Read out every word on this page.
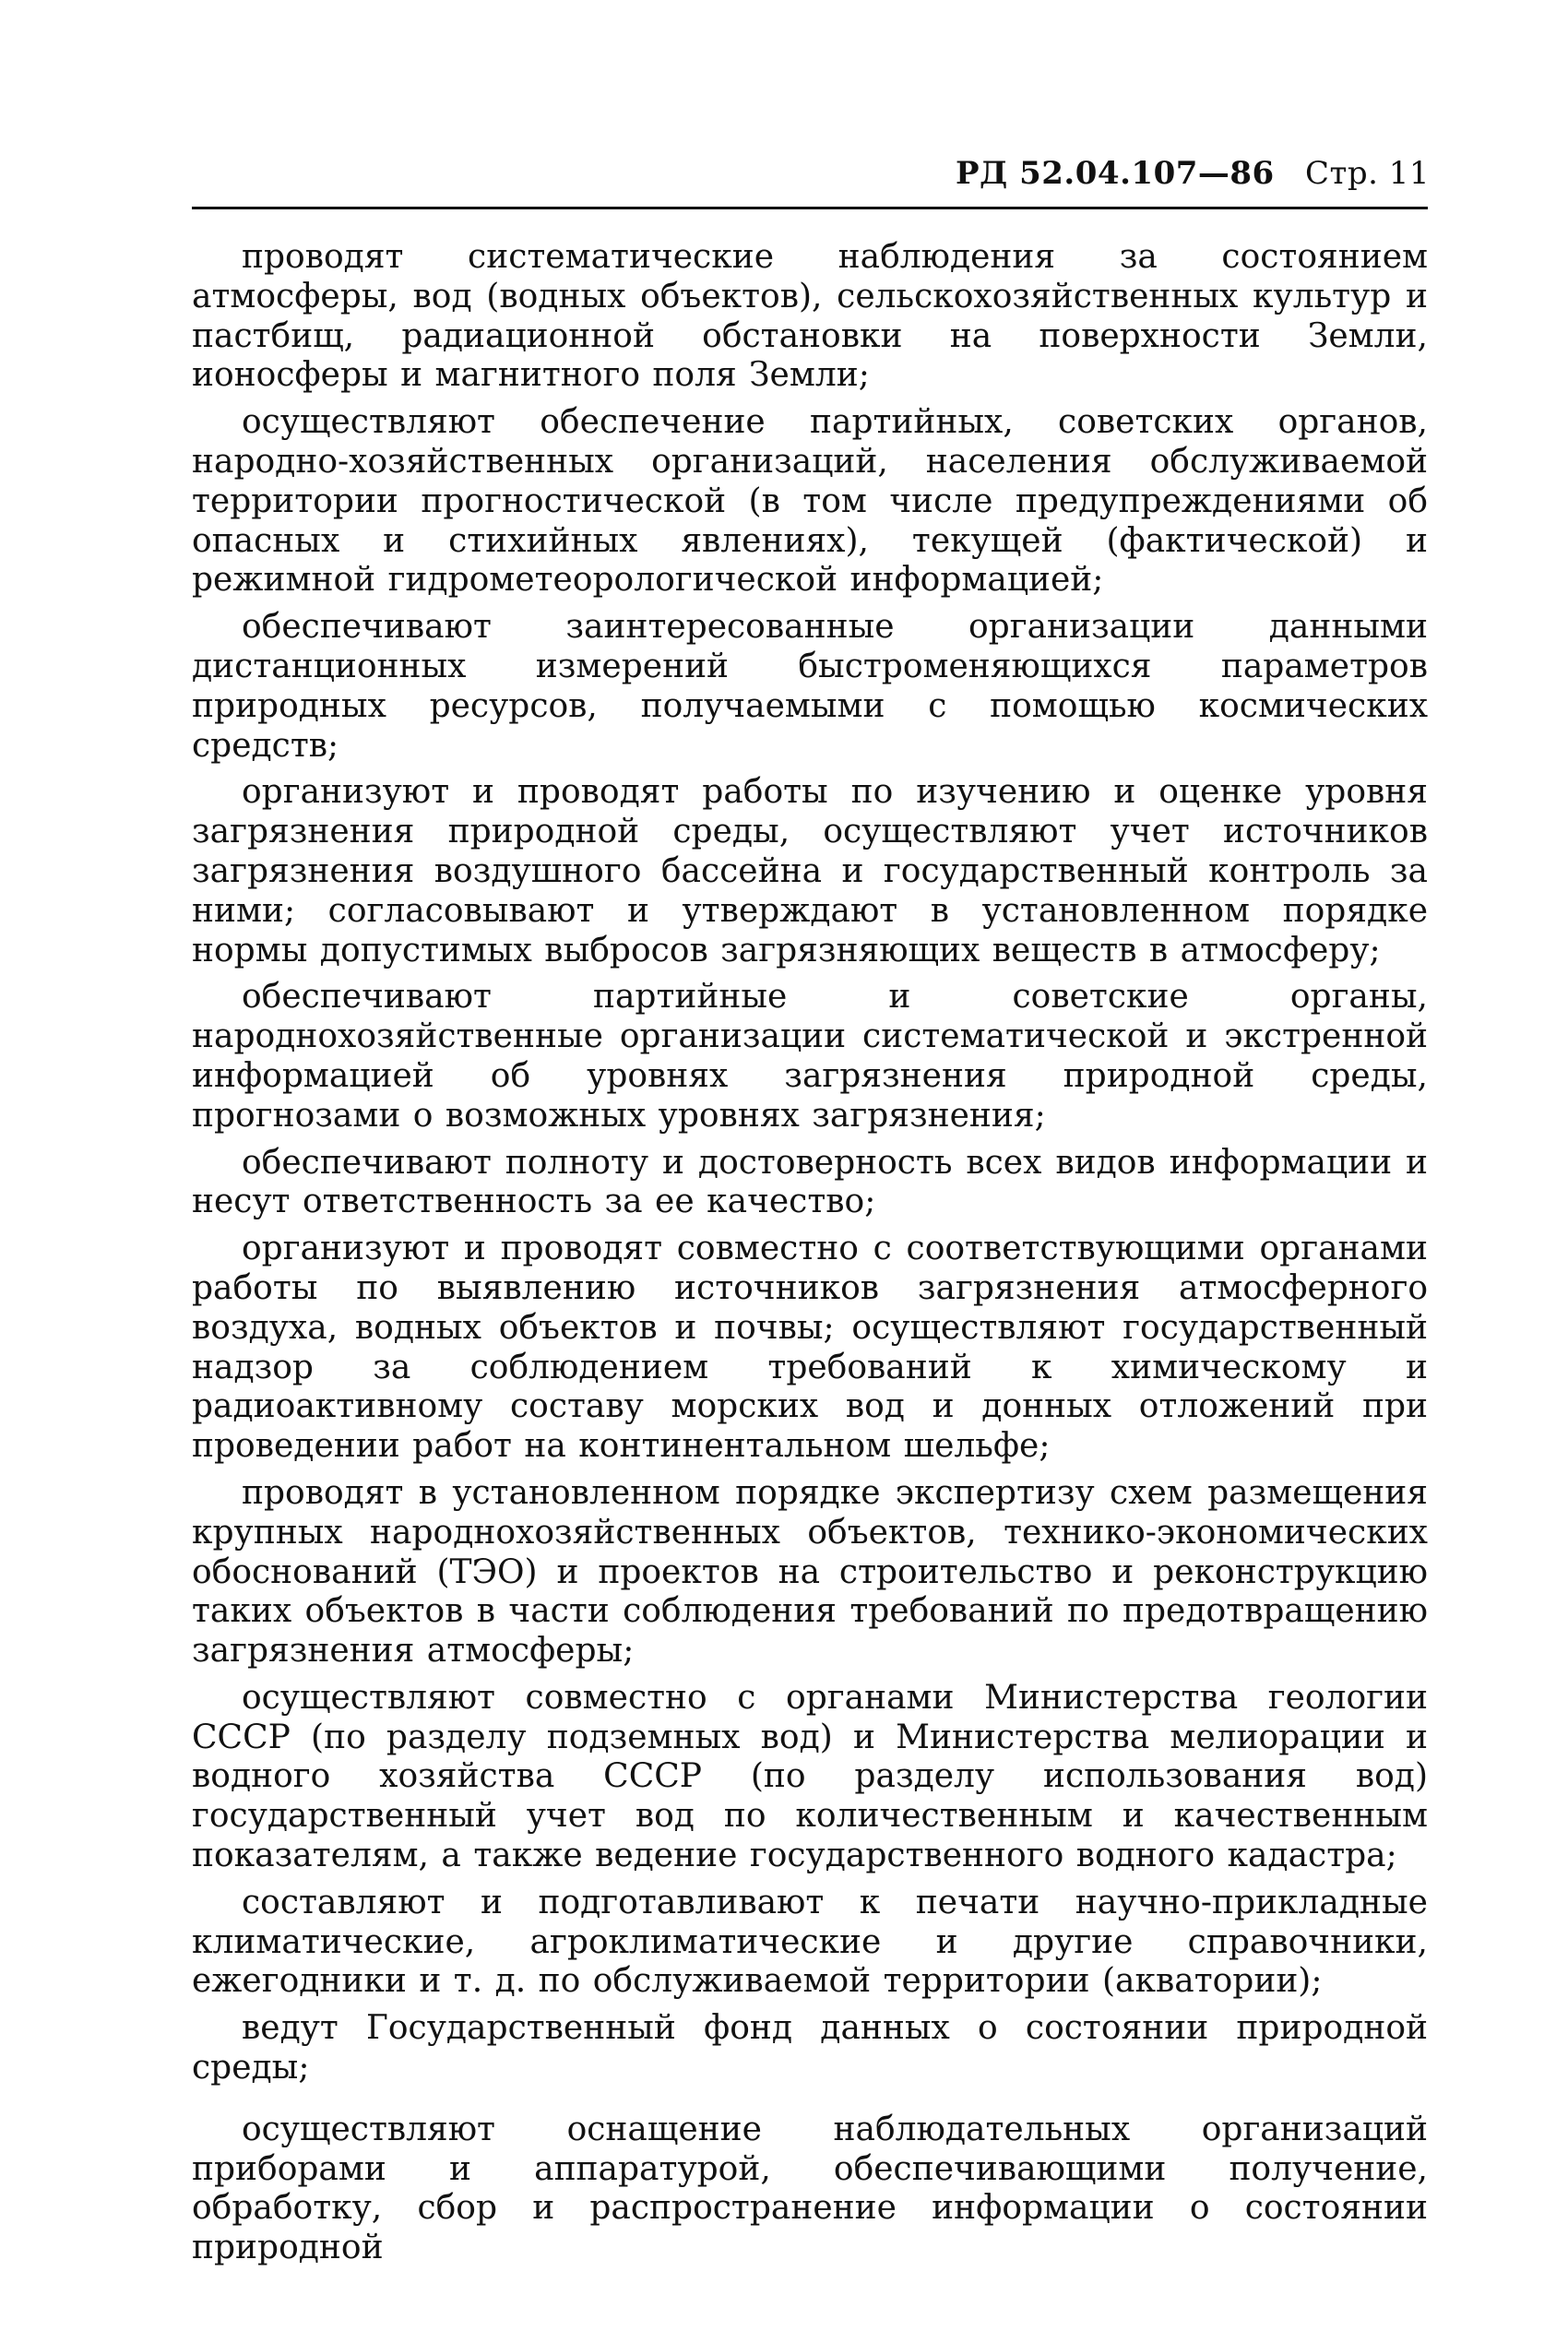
РД 52.04.107—86 Стр. 11

проводят систематические наблюдения за состоянием атмосферы, вод (водных объектов), сельскохозяйственных культур и пастбищ, радиационной обстановки на поверхности Земли, ионосферы и магнитного поля Земли;

осуществляют обеспечение партийных, советских органов, народно-хозяйственных организаций, населения обслуживаемой территории прогностической (в том числе предупреждениями об опасных и стихийных явлениях), текущей (фактической) и режимной гидрометеорологической информацией;

обеспечивают заинтересованные организации данными дистанционных измерений быстроменяющихся параметров природных ресурсов, получаемыми с помощью космических средств;

организуют и проводят работы по изучению и оценке уровня загрязнения природной среды, осуществляют учет источников загрязнения воздушного бассейна и государственный контроль за ними; согласовывают и утверждают в установленном порядке нормы допустимых выбросов загрязняющих веществ в атмосферу;

обеспечивают партийные и советские органы, народнохозяйственные организации систематической и экстренной информацией об уровнях загрязнения природной среды, прогнозами о возможных уровнях загрязнения;

обеспечивают полноту и достоверность всех видов информации и несут ответственность за ее качество;

организуют и проводят совместно с соответствующими органами работы по выявлению источников загрязнения атмосферного воздуха, водных объектов и почвы; осуществляют государственный надзор за соблюдением требований к химическому и радиоактивному составу морских вод и донных отложений при проведении работ на континентальном шельфе;

проводят в установленном порядке экспертизу схем размещения крупных народнохозяйственных объектов, технико-экономических обоснований (ТЭО) и проектов на строительство и реконструкцию таких объектов в части соблюдения требований по предотвращению загрязнения атмосферы;

осуществляют совместно с органами Министерства геологии СССР (по разделу подземных вод) и Министерства мелиорации и водного хозяйства СССР (по разделу использования вод) государственный учет вод по количественным и качественным показателям, а также ведение государственного водного кадастра;

составляют и подготавливают к печати научно-прикладные климатические, агроклиматические и другие справочники, ежегодники и т. д. по обслуживаемой территории (акватории);

ведут Государственный фонд данных о состоянии природной среды;

осуществляют оснащение наблюдательных организаций приборами и аппаратурой, обеспечивающими получение, обработку, сбор и распространение информации о состоянии природной
